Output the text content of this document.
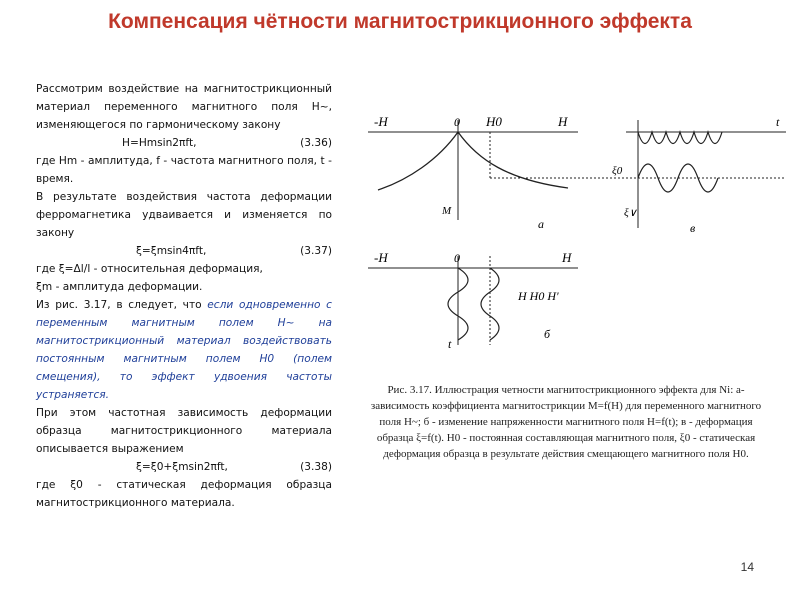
Компенсация чётности магнитострикционного эффекта

Рассмотрим воздействие на магнитострикционный материал переменного магнитного поля H~, изменяющегося по гармоническому закону

H=Hmsin2πft,	(3.36)

где Hm - амплитуда, f - частота магнитного поля, t - время.

В результате воздействия частота деформации ферромагнетика удваивается и изменяется по закону

ξ=ξmsin4πft,	(3.37)

где ξ=Δl/l - относительная деформация,

ξm - амплитуда деформации.

Из рис. 3.17, в следует, что если одновременно с переменным магнитным полем H~ на магнитострикционный материал воздействовать постоянным магнитным полем H0 (полем смещения), то эффект удвоения частоты устраняется.

При этом частотная зависимость деформации образца магнитострикционного материала описывается выражением

ξ=ξ0+ξmsin2πft,	(3.38)

где ξ0 - статическая деформация образца магнитострикционного материала.

-H	0 H0	H
M
а
t
ξ0
ξ∨
в
-H	0	H
H H0 H'
t
б
Рис. 3.17. Иллюстрация четности магнитострикционного эффекта для Ni: а- зависимость коэффициента магнитострикции M=f(H) для переменного магнитного поля H~; б - изменение напряженности магнитного поля H=f(t); в - деформация образца ξ=f(t). H0 - постоянная составляющая магнитного поля, ξ0 - статическая деформация образца в результате действия смещающего магнитного поля H0.
14
